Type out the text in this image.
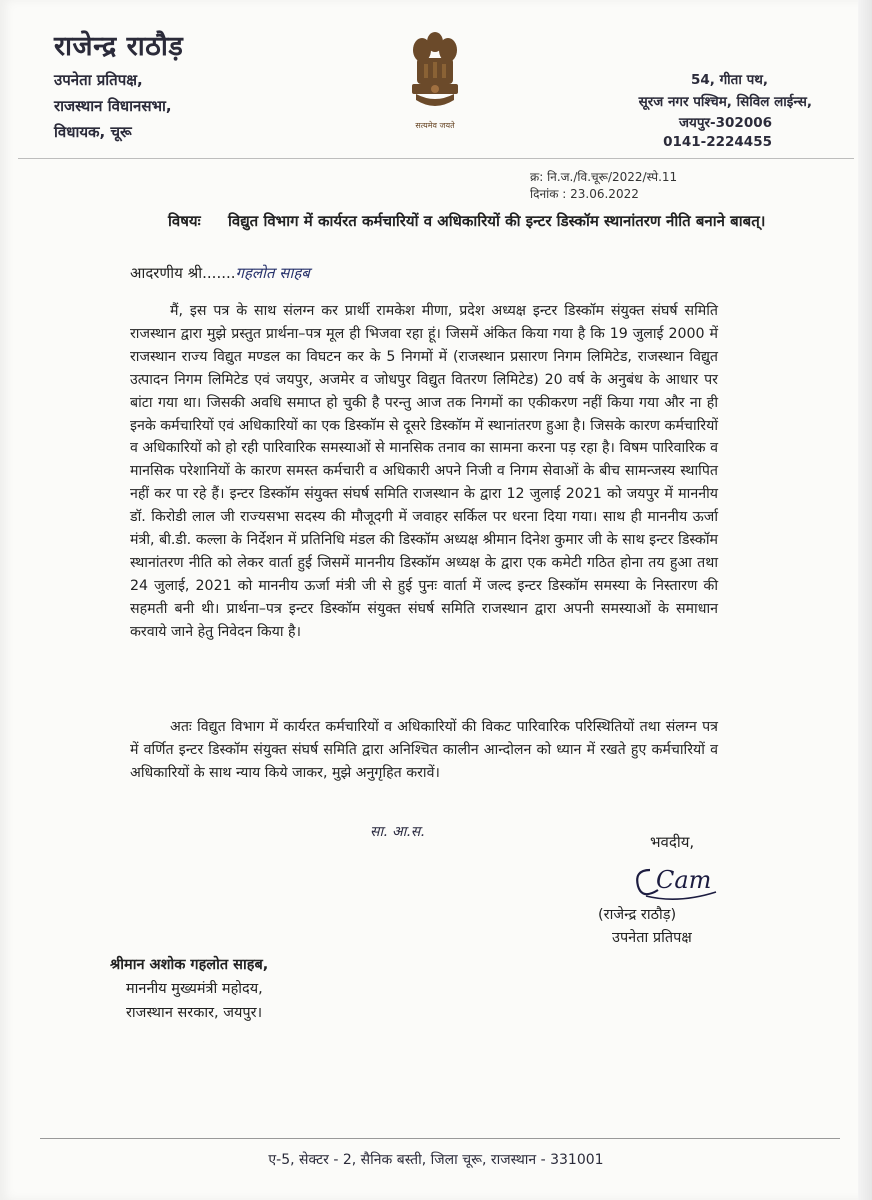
राजेन्द्र राठौड़
उपनेता प्रतिपक्ष,
राजस्थान विधानसभा,
विधायक, चूरू	सत्यमेव जयते
54, गीता पथ,
सूरज नगर पश्चिम, सिविल लाईन्स,
जयपुर-302006
0141-2224455
क्र: नि.ज./वि.चूरू/2022/स्पे.11
दिनांक : 23.06.2022
विषयः विद्युत विभाग में कार्यरत कर्मचारियों व अधिकारियों की इन्टर डिस्कॉम स्थानांतरण नीति बनाने बाबत्।
आदरणीय श्री.......गहलोत साहब
मैं, इस पत्र के साथ संलग्न कर प्रार्थी रामकेश मीणा, प्रदेश अध्यक्ष इन्टर डिस्कॉम संयुक्त संघर्ष समिति राजस्थान द्वारा मुझे प्रस्तुत प्रार्थना–पत्र मूल ही भिजवा रहा हूं। जिसमें अंकित किया गया है कि 19 जुलाई 2000 में राजस्थान राज्य विद्युत मण्डल का विघटन कर के 5 निगमों में (राजस्थान प्रसारण निगम लिमिटेड, राजस्थान विद्युत उत्पादन निगम लिमिटेड एवं जयपुर, अजमेर व जोधपुर विद्युत वितरण लिमिटेड) 20 वर्ष के अनुबंध के आधार पर बांटा गया था। जिसकी अवधि समाप्त हो चुकी है परन्तु आज तक निगमों का एकीकरण नहीं किया गया और ना ही इनके कर्मचारियों एवं अधिकारियों का एक डिस्कॉम से दूसरे डिस्कॉम में स्थानांतरण हुआ है। जिसके कारण कर्मचारियों व अधिकारियों को हो रही पारिवारिक समस्याओं से मानसिक तनाव का सामना करना पड़ रहा है। विषम पारिवारिक व मानसिक परेशानियों के कारण समस्त कर्मचारी व अधिकारी अपने निजी व निगम सेवाओं के बीच सामन्जस्य स्थापित नहीं कर पा रहे हैं। इन्टर डिस्कॉम संयुक्त संघर्ष समिति राजस्थान के द्वारा 12 जुलाई 2021 को जयपुर में माननीय डॉ. किरोडी लाल जी राज्यसभा सदस्य की मौजूदगी में जवाहर सर्किल पर धरना दिया गया। साथ ही माननीय ऊर्जा मंत्री, बी.डी. कल्ला के निर्देशन में प्रतिनिधि मंडल की डिस्कॉम अध्यक्ष श्रीमान दिनेश कुमार जी के साथ इन्टर डिस्कॉम स्थानांतरण नीति को लेकर वार्ता हुई जिसमें माननीय डिस्कॉम अध्यक्ष के द्वारा एक कमेटी गठित होना तय हुआ तथा 24 जुलाई, 2021 को माननीय ऊर्जा मंत्री जी से हुई पुनः वार्ता में जल्द इन्टर डिस्कॉम समस्या के निस्तारण की सहमती बनी थी। प्रार्थना–पत्र इन्टर डिस्कॉम संयुक्त संघर्ष समिति राजस्थान द्वारा अपनी समस्याओं के समाधान करवाये जाने हेतु निवेदन किया है।
अतः विद्युत विभाग में कार्यरत कर्मचारियों व अधिकारियों की विकट पारिवारिक परिस्थितियों तथा संलग्न पत्र में वर्णित इन्टर डिस्कॉम संयुक्त संघर्ष समिति द्वारा अनिश्चित कालीन आन्दोलन को ध्यान में रखते हुए कर्मचारियों व अधिकारियों के साथ न्याय किये जाकर, मुझे अनुगृहित करावें।
सा. आ.स.
भवदीय,
Cam
(राजेन्द्र राठौड़)
उपनेता प्रतिपक्ष
श्रीमान अशोक गहलोत साहब,
माननीय मुख्यमंत्री महोदय,
राजस्थान सरकार, जयपुर।
ए-5, सेक्टर - 2, सैनिक बस्ती, जिला चूरू, राजस्थान - 331001
